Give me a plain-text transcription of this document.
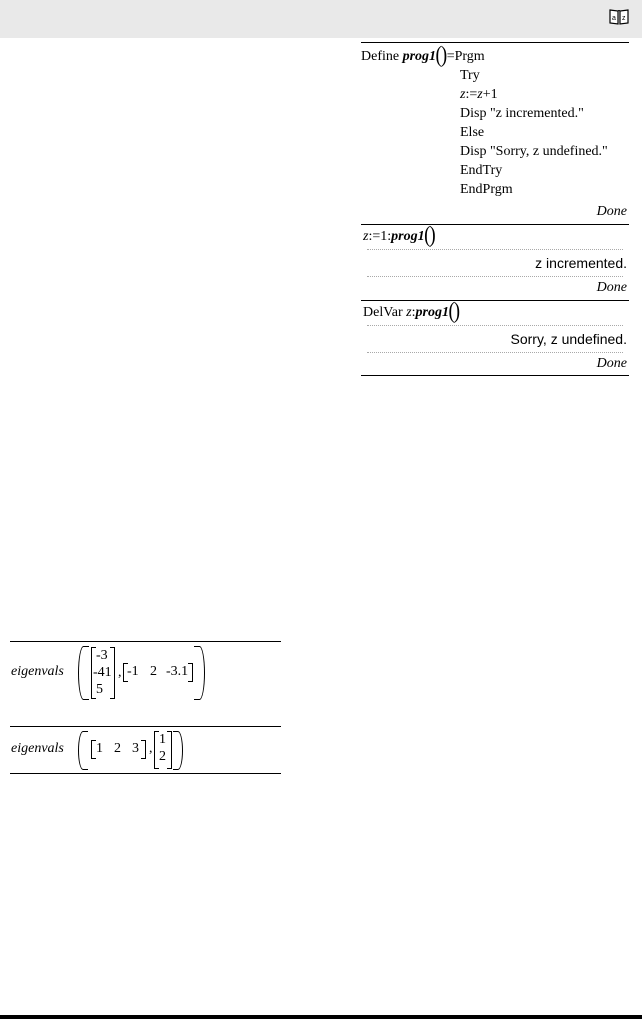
a z
Define prog1()=Prgm
Try
z:=z+1
Disp "z incremented."
Else
Disp "Sorry, z undefined."
EndTry
EndPrgm
Done
z:=1:prog1()
z incremented.
Done
DelVar z:prog1()
Sorry, z undefined.
Done
eigenvals
-3
-41
5
, -1 2 -3.1
eigenvals 1 2 3 ,
1
2
